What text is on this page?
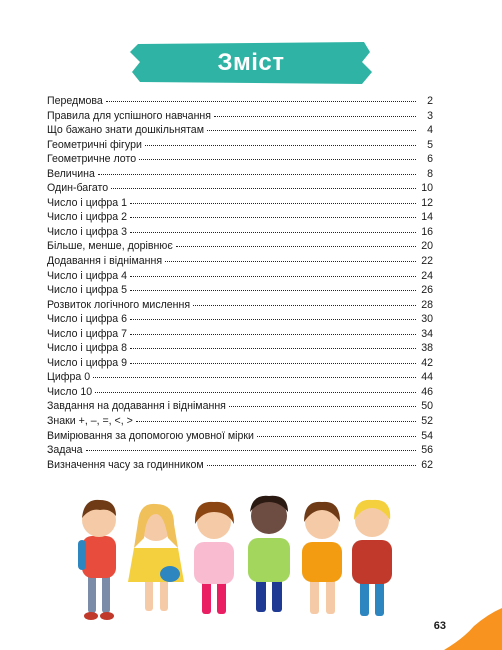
Зміст
Передмова	2
Правила для успішного навчання	3
Що бажано знати дошкільнятам	4
Геометричні фігури	5
Геометричне лото	6
Величина	8
Один-багато	10
Число і цифра 1	12
Число і цифра 2	14
Число і цифра 3	16
Більше, менше, дорівнює	20
Додавання і віднімання	22
Число і цифра 4	24
Число і цифра 5	26
Розвиток логічного мислення	28
Число і цифра 6	30
Число і цифра 7	34
Число і цифра 8	38
Число і цифра 9	42
Цифра 0	44
Число 10	46
Завдання на додавання і віднімання	50
Знаки +, –, =, <, >	52
Вимірювання за допомогою умовної мірки	54
Задача	56
Визначення часу за годинником	62
63
